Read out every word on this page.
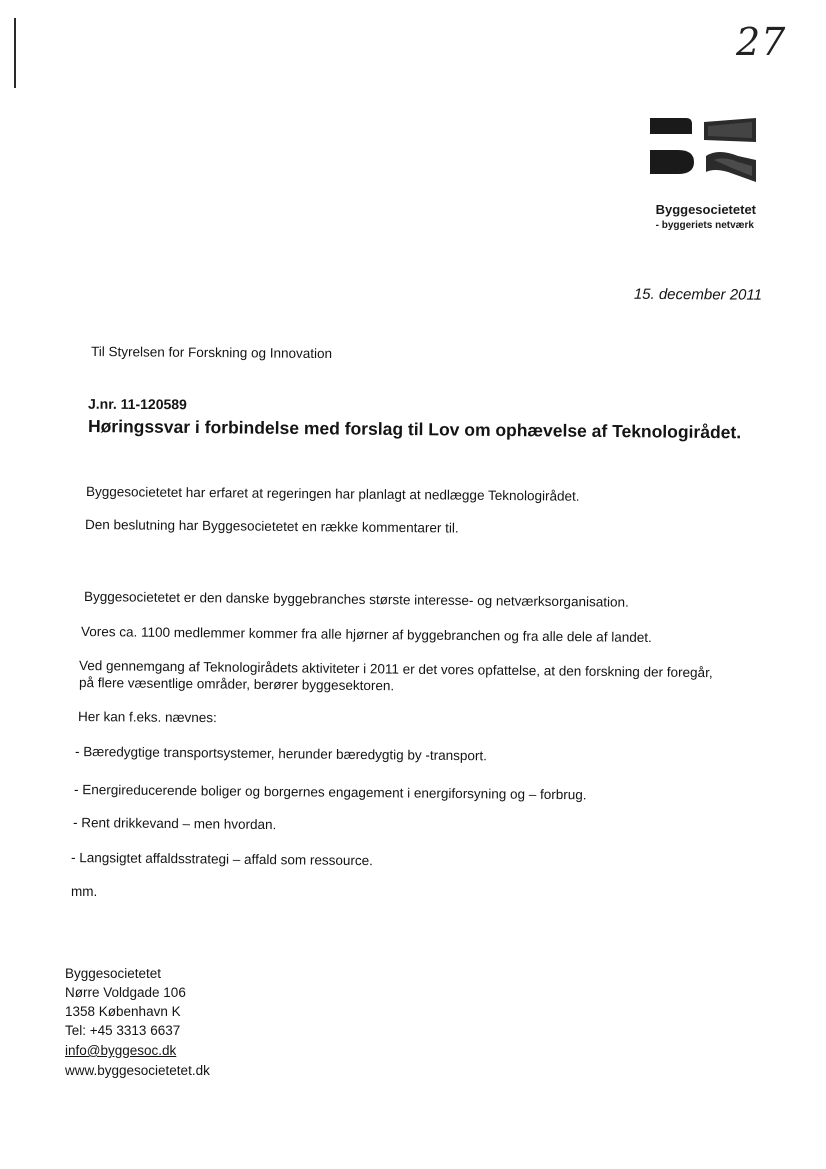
27
Byggesocietetet
- byggeriets netværk
15. december 2011
Til Styrelsen for Forskning og Innovation
J.nr. 11-120589
Høringssvar i forbindelse med forslag til Lov om ophævelse af Teknologirådet.
Byggesocietetet har erfaret at regeringen har planlagt at nedlægge Teknologirådet.
Den beslutning har Byggesocietetet en række kommentarer til.
Byggesocietetet er den danske byggebranches største interesse- og netværksorganisation.
Vores ca. 1100 medlemmer kommer fra alle hjørner af byggebranchen og fra alle dele af landet.
Ved gennemgang af Teknologirådets aktiviteter i 2011 er det vores opfattelse, at den forskning der foregår,
på flere væsentlige områder, berører byggesektoren.
Her kan f.eks. nævnes:
- Bæredygtige transportsystemer, herunder bæredygtig by -transport.
- Energireducerende boliger og borgernes engagement i energiforsyning og – forbrug.
- Rent drikkevand – men hvordan.
- Langsigtet affaldsstrategi – affald som ressource.
mm.
Byggesocietetet
Nørre Voldgade 106
1358 København K
Tel: +45 3313 6637
info@byggesoc.dk
www.byggesocietetet.dk
